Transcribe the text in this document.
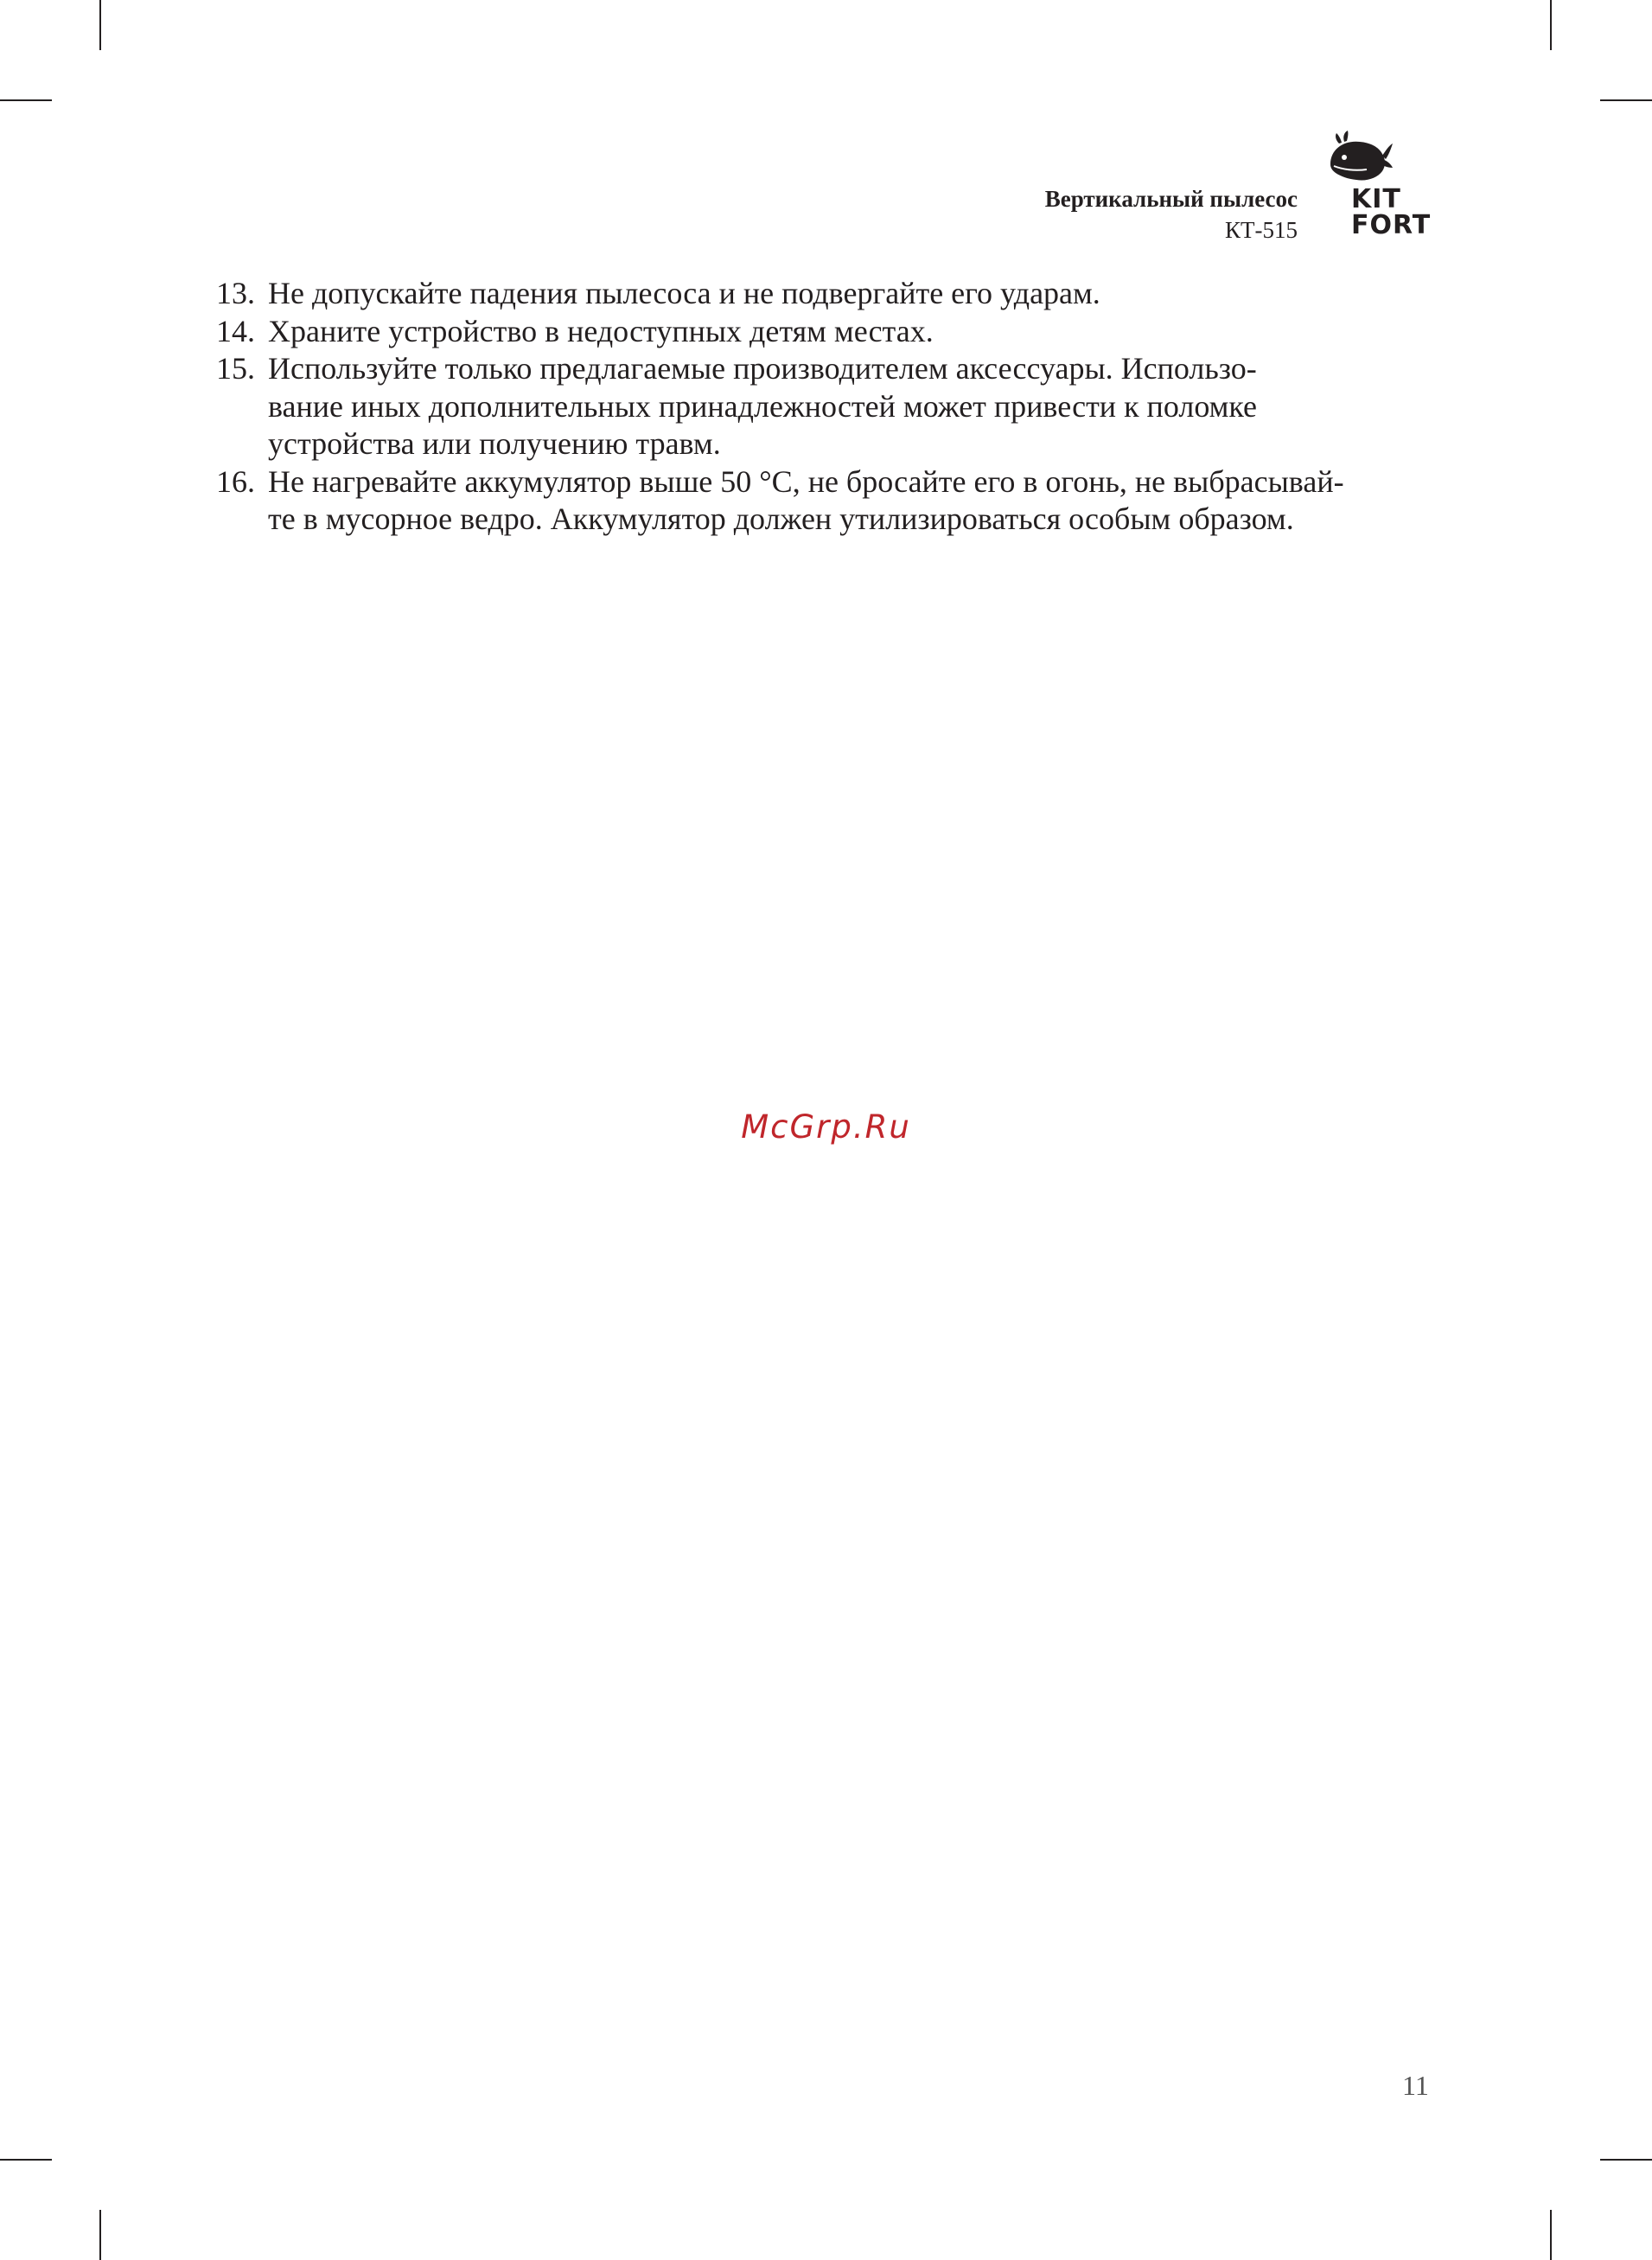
Вертикальный пылесос
КТ-515
KIT
FORT
13. Не допускайте падения пылесоса и не подвергайте его ударам.
14. Храните устройство в недоступных детям местах.
15. Используйте только предлагаемые производителем аксессуары. Использо-
вание иных дополнительных принадлежностей может привести к поломке
устройства или получению травм.
16. Не нагревайте аккумулятор выше 50 °C, не бросайте его в огонь, не выбрасывай-
те в мусорное ведро. Аккумулятор должен утилизироваться особым образом.
McGrp.Ru
11
